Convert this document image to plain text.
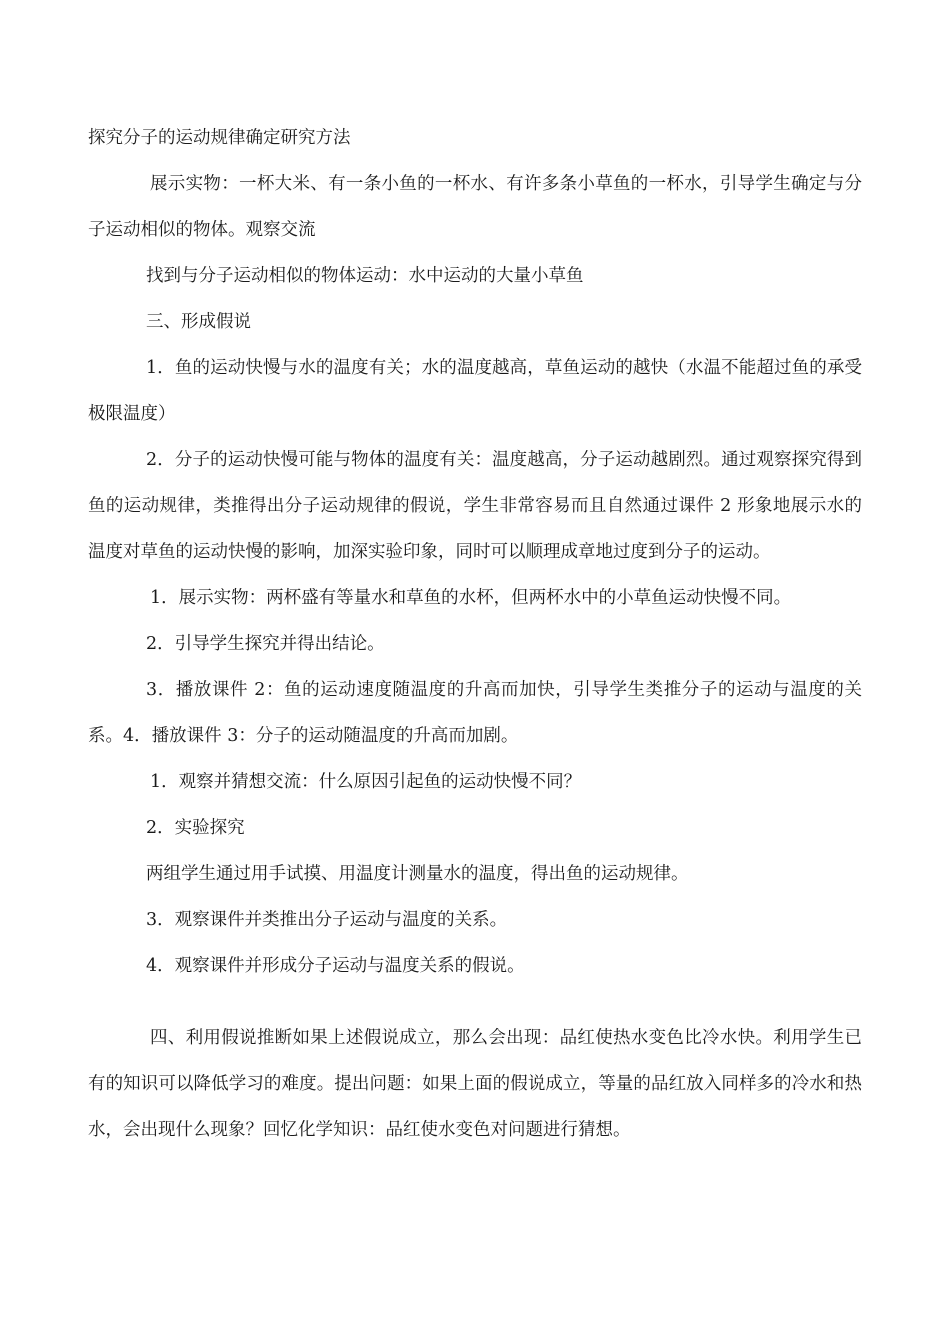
探究分子的运动规律确定研究方法

展示实物：一杯大米、有一条小鱼的一杯水、有许多条小草鱼的一杯水，引导学生确定与分子运动相似的物体。观察交流

找到与分子运动相似的物体运动：水中运动的大量小草鱼

三、形成假说

1．鱼的运动快慢与水的温度有关；水的温度越高，草鱼运动的越快（水温不能超过鱼的承受极限温度）

2．分子的运动快慢可能与物体的温度有关：温度越高，分子运动越剧烈。通过观察探究得到鱼的运动规律，类推得出分子运动规律的假说，学生非常容易而且自然通过课件 2 形象地展示水的温度对草鱼的运动快慢的影响，加深实验印象，同时可以顺理成章地过度到分子的运动。

1．展示实物：两杯盛有等量水和草鱼的水杯，但两杯水中的小草鱼运动快慢不同。

2．引导学生探究并得出结论。

3．播放课件 2：鱼的运动速度随温度的升高而加快，引导学生类推分子的运动与温度的关系。4．播放课件 3：分子的运动随温度的升高而加剧。

1．观察并猜想交流：什么原因引起鱼的运动快慢不同？

2．实验探究

两组学生通过用手试摸、用温度计测量水的温度，得出鱼的运动规律。

3．观察课件并类推出分子运动与温度的关系。

4．观察课件并形成分子运动与温度关系的假说。

四、利用假说推断如果上述假说成立，那么会出现：品红使热水变色比冷水快。利用学生已有的知识可以降低学习的难度。提出问题：如果上面的假说成立，等量的品红放入同样多的冷水和热水，会出现什么现象？回忆化学知识：品红使水变色对问题进行猜想。
